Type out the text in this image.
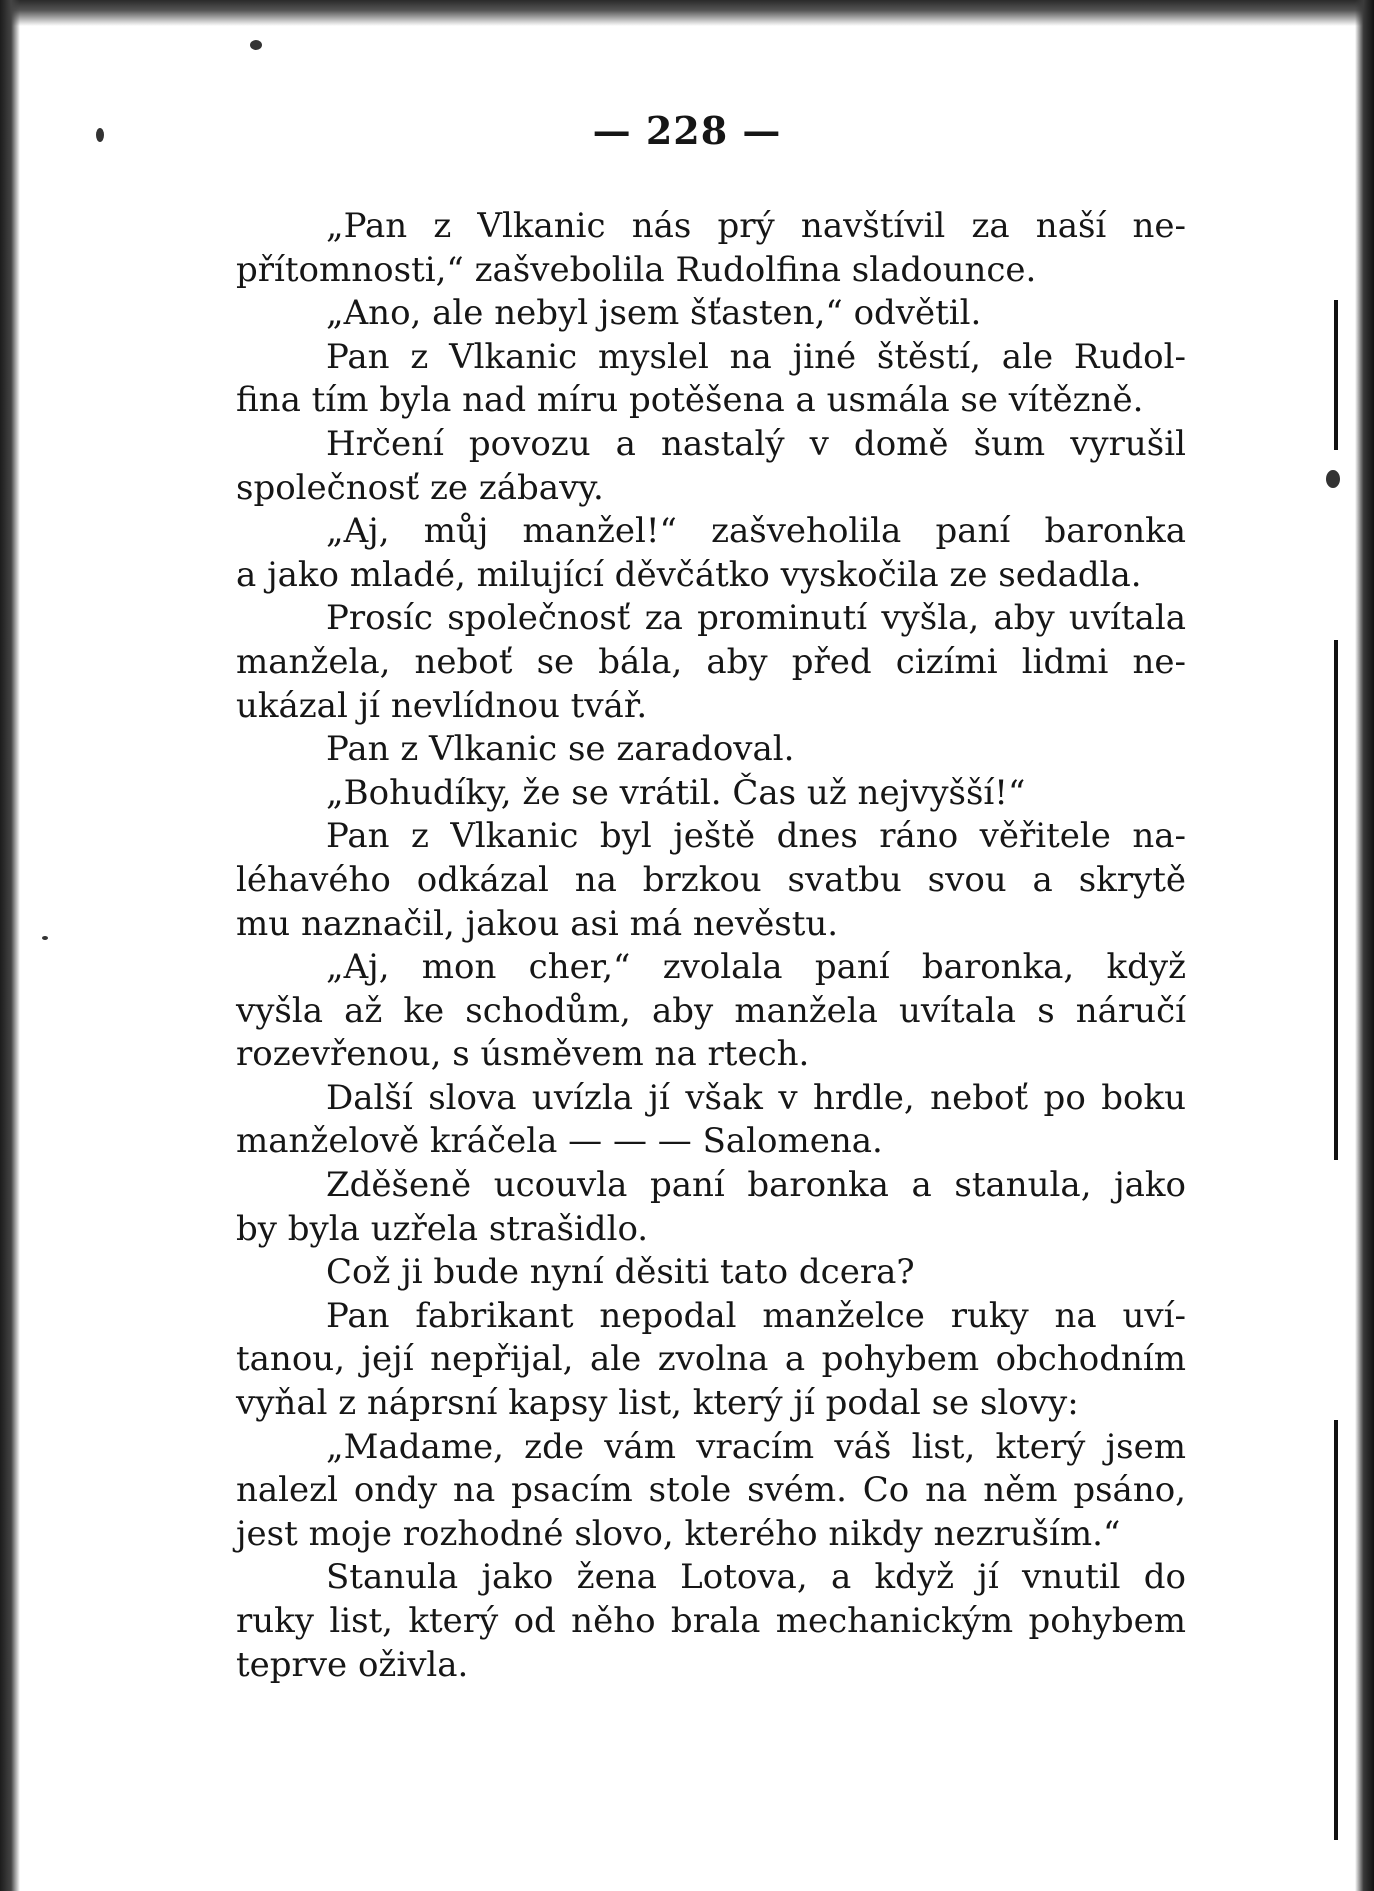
— 228 —
„Pan z Vlkanic nás prý navštívil za naší ne-
přítomnosti,“ zašvebolila Rudolfina sladounce.
„Ano, ale nebyl jsem šťasten,“ odvětil.
Pan z Vlkanic myslel na jiné štěstí, ale Rudol-
fina tím byla nad míru potěšena a usmála se vítězně.
Hrčení povozu a nastalý v domě šum vyrušil
společnosť ze zábavy.
„Aj, můj manžel!“ zašveholila paní baronka
a jako mladé, milující děvčátko vyskočila ze sedadla.
Prosíc společnosť za prominutí vyšla, aby uvítala
manžela, neboť se bála, aby před cizími lidmi ne-
ukázal jí nevlídnou tvář.
Pan z Vlkanic se zaradoval.
„Bohudíky, že se vrátil. Čas už nejvyšší!“
Pan z Vlkanic byl ještě dnes ráno věřitele na-
léhavého odkázal na brzkou svatbu svou a skrytě
mu naznačil, jakou asi má nevěstu.
„Aj, mon cher,“ zvolala paní baronka, když
vyšla až ke schodům, aby manžela uvítala s náručí
rozevřenou, s úsměvem na rtech.
Další slova uvízla jí však v hrdle, neboť po boku
manželově kráčela — — — Salomena.
Zděšeně ucouvla paní baronka a stanula, jako
by byla uzřela strašidlo.
Což ji bude nyní děsiti tato dcera?
Pan fabrikant nepodal manželce ruky na uví-
tanou, její nepřijal, ale zvolna a pohybem obchodním
vyňal z náprsní kapsy list, který jí podal se slovy:
„Madame, zde vám vracím váš list, který jsem
nalezl ondy na psacím stole svém. Co na něm psáno,
jest moje rozhodné slovo, kterého nikdy nezruším.“
Stanula jako žena Lotova, a když jí vnutil do
ruky list, který od něho brala mechanickým pohybem
teprve oživla.
